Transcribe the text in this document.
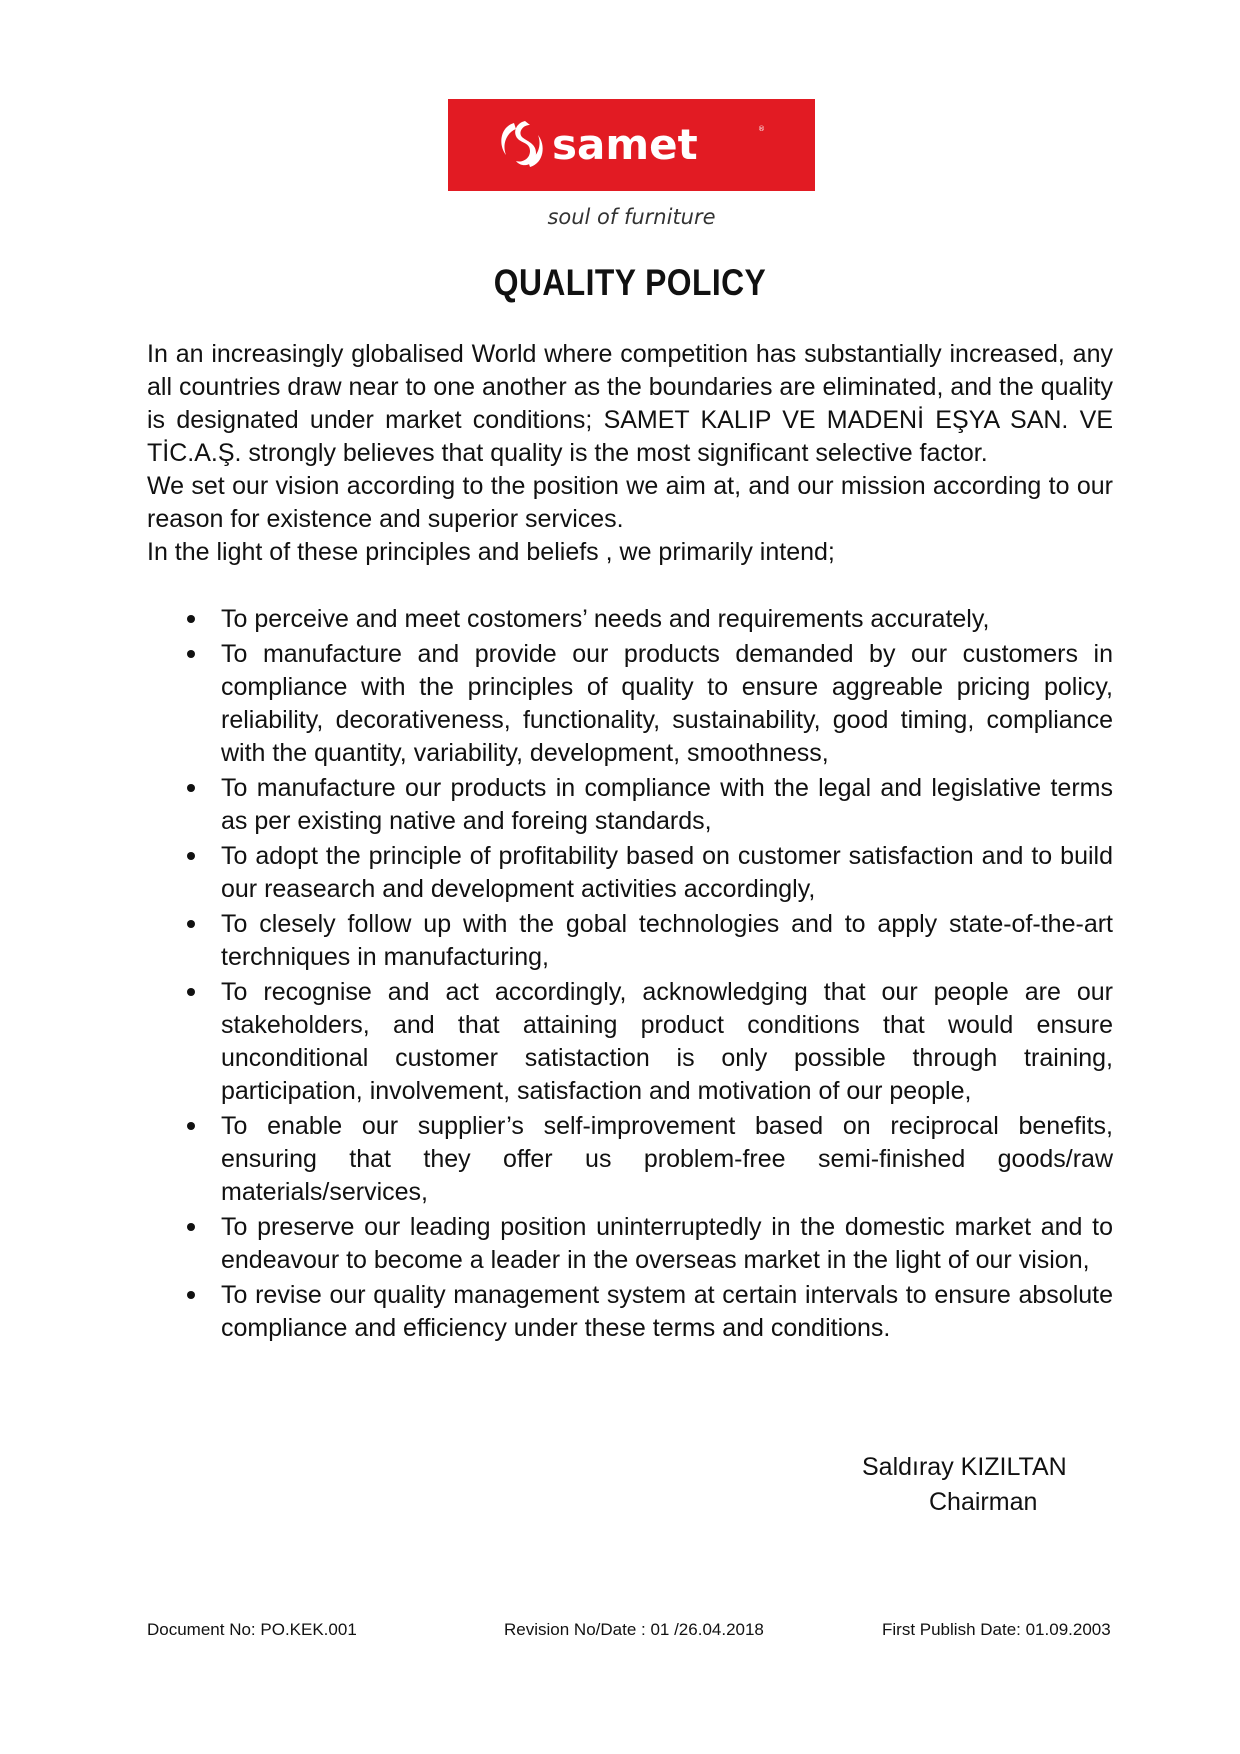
samet	®
soul of furniture
QUALITY POLICY

In an increasingly globalised World where competition has substantially increased, any all countries draw near to one another as the boundaries are eliminated, and the quality is designated under market conditions; SAMET KALIP VE MADENİ EŞYA SAN. VE TİC.A.Ş. strongly believes that quality is the most significant selective factor.

We set our vision according to the position we aim at, and our mission according to our reason for existence and superior services.

In the light of these principles and beliefs , we primarily intend;

To perceive and meet costomers’ needs and requirements accurately,
To manufacture and provide our products demanded by our customers in compliance with the principles of quality to ensure aggreable pricing policy, reliability, decorativeness, functionality, sustainability, good timing, compliance with the quantity, variability, development, smoothness,
To manufacture our products in compliance with the legal and legislative terms as per existing native and foreing standards,
To adopt the principle of profitability based on customer satisfaction and to build our reasearch and development activities accordingly,
To clesely follow up with the gobal technologies and to apply state-of-the-art terchniques in manufacturing,
To recognise and act accordingly, acknowledging that our people are our stakeholders, and that attaining product conditions that would ensure unconditional customer satistaction is only possible through training, participation, involvement, satisfaction and motivation of our people,
To enable our supplier’s self-improvement based on reciprocal benefits, ensuring that they offer us problem-free semi-finished goods/raw materials/services,
To preserve our leading position uninterruptedly in the domestic market and to endeavour to become a leader in the overseas market in the light of our vision,
To revise our quality management system at certain intervals to ensure absolute compliance and efficiency under these terms and conditions.
Saldıray KIZILTAN
Chairman
Document No: PO.KEK.001	Revision No/Date : 01 /26.04.2018	First Publish Date: 01.09.2003
